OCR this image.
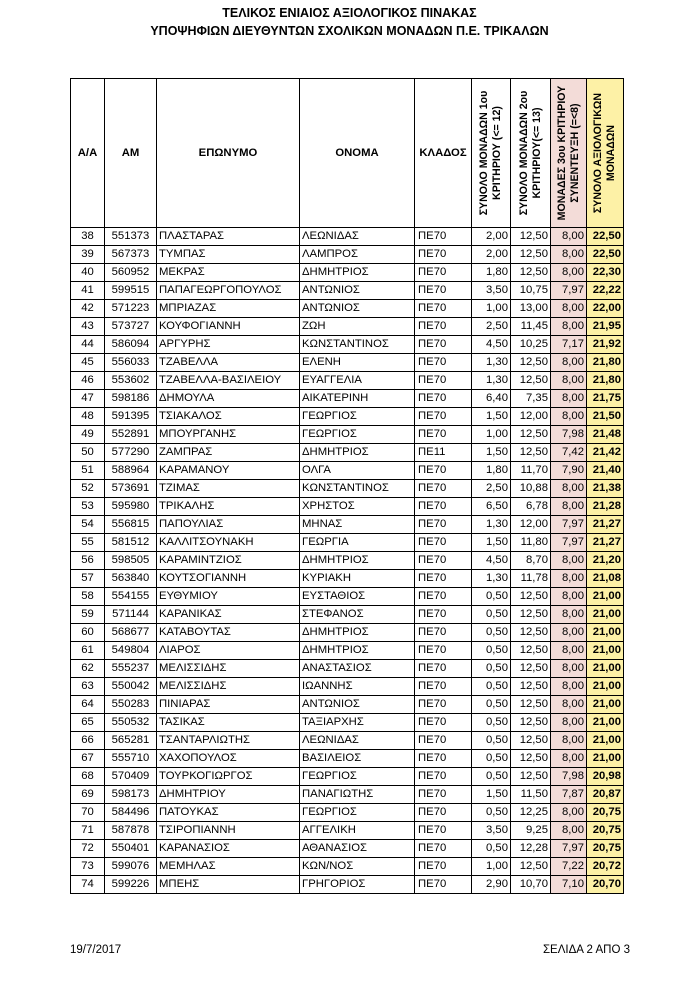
ΤΕΛΙΚΟΣ ΕΝΙΑΙΟΣ ΑΞΙΟΛΟΓΙΚΟΣ ΠΙΝΑΚΑΣ
ΥΠΟΨΗΦΙΩΝ ΔΙΕΥΘΥΝΤΩΝ ΣΧΟΛΙΚΩΝ ΜΟΝΑΔΩΝ Π.Ε. ΤΡΙΚΑΛΩΝ
Α/Α	ΑΜ	ΕΠΩΝΥΜΟ	ΟΝΟΜΑ	ΚΛΑΔΟΣ	ΣΥΝΟΛΟ ΜΟΝΑΔΩΝ 1ου ΚΡΙΤΗΡΙΟΥ (<= 12)	ΣΥΝΟΛΟ ΜΟΝΑΔΩΝ 2ου ΚΡΙΤΗΡΙΟΥ(<= 13)	ΜΟΝΑΔΕΣ 3ου ΚΡΙΤΗΡΙΟΥ ΣΥΝΕΝΤΕΥΞΗ (=<8)	ΣΥΝΟΛΟ ΑΞΙΟΛΟΓΙΚΩΝ ΜΟΝΑΔΩΝ

38	551373	ΠΛΑΣΤΑΡΑΣ	ΛΕΩΝΙΔΑΣ	ΠΕ70	2,00	12,50	8,00	22,50
39	567373	ΤΥΜΠΑΣ	ΛΑΜΠΡΟΣ	ΠΕ70	2,00	12,50	8,00	22,50
40	560952	ΜΕΚΡΑΣ	ΔΗΜΗΤΡΙΟΣ	ΠΕ70	1,80	12,50	8,00	22,30
41	599515	ΠΑΠΑΓΕΩΡΓΟΠΟΥΛΟΣ	ΑΝΤΩΝΙΟΣ	ΠΕ70	3,50	10,75	7,97	22,22
42	571223	ΜΠΡΙΑΖΑΣ	ΑΝΤΩΝΙΟΣ	ΠΕ70	1,00	13,00	8,00	22,00
43	573727	ΚΟΥΦΟΓΙΑΝΝΗ	ΖΩΗ	ΠΕ70	2,50	11,45	8,00	21,95
44	586094	ΑΡΓΥΡΗΣ	ΚΩΝΣΤΑΝΤΙΝΟΣ	ΠΕ70	4,50	10,25	7,17	21,92
45	556033	ΤΖΑΒΕΛΛΑ	ΕΛΕΝΗ	ΠΕ70	1,30	12,50	8,00	21,80
46	553602	ΤΖΑΒΕΛΛΑ-ΒΑΣΙΛΕΙΟΥ	ΕΥΑΓΓΕΛΙΑ	ΠΕ70	1,30	12,50	8,00	21,80
47	598186	ΔΗΜΟΥΛΑ	ΑΙΚΑΤΕΡΙΝΗ	ΠΕ70	6,40	7,35	8,00	21,75
48	591395	ΤΣΙΑΚΑΛΟΣ	ΓΕΩΡΓΙΟΣ	ΠΕ70	1,50	12,00	8,00	21,50
49	552891	ΜΠΟΥΡΓΑΝΗΣ	ΓΕΩΡΓΙΟΣ	ΠΕ70	1,00	12,50	7,98	21,48
50	577290	ΖΑΜΠΡΑΣ	ΔΗΜΗΤΡΙΟΣ	ΠΕ11	1,50	12,50	7,42	21,42
51	588964	ΚΑΡΑΜΑΝΟΥ	ΟΛΓΑ	ΠΕ70	1,80	11,70	7,90	21,40
52	573691	ΤΖΙΜΑΣ	ΚΩΝΣΤΑΝΤΙΝΟΣ	ΠΕ70	2,50	10,88	8,00	21,38
53	595980	ΤΡΙΚΑΛΗΣ	ΧΡΗΣΤΟΣ	ΠΕ70	6,50	6,78	8,00	21,28
54	556815	ΠΑΠΟΥΛΙΑΣ	ΜΗΝΑΣ	ΠΕ70	1,30	12,00	7,97	21,27
55	581512	ΚΑΛΛΙΤΣΟΥΝΑΚΗ	ΓΕΩΡΓΙΑ	ΠΕ70	1,50	11,80	7,97	21,27
56	598505	ΚΑΡΑΜΙΝΤΖΙΟΣ	ΔΗΜΗΤΡΙΟΣ	ΠΕ70	4,50	8,70	8,00	21,20
57	563840	ΚΟΥΤΣΟΓΙΑΝΝΗ	ΚΥΡΙΑΚΗ	ΠΕ70	1,30	11,78	8,00	21,08
58	554155	ΕΥΘΥΜΙΟΥ	ΕΥΣΤΑΘΙΟΣ	ΠΕ70	0,50	12,50	8,00	21,00
59	571144	ΚΑΡΑΝΙΚΑΣ	ΣΤΕΦΑΝΟΣ	ΠΕ70	0,50	12,50	8,00	21,00
60	568677	ΚΑΤΑΒΟΥΤΑΣ	ΔΗΜΗΤΡΙΟΣ	ΠΕ70	0,50	12,50	8,00	21,00
61	549804	ΛΙΑΡΟΣ	ΔΗΜΗΤΡΙΟΣ	ΠΕ70	0,50	12,50	8,00	21,00
62	555237	ΜΕΛΙΣΣΙΔΗΣ	ΑΝΑΣΤΑΣΙΟΣ	ΠΕ70	0,50	12,50	8,00	21,00
63	550042	ΜΕΛΙΣΣΙΔΗΣ	ΙΩΑΝΝΗΣ	ΠΕ70	0,50	12,50	8,00	21,00
64	550283	ΠΙΝΙΑΡΑΣ	ΑΝΤΩΝΙΟΣ	ΠΕ70	0,50	12,50	8,00	21,00
65	550532	ΤΑΣΙΚΑΣ	ΤΑΞΙΑΡΧΗΣ	ΠΕ70	0,50	12,50	8,00	21,00
66	565281	ΤΣΑΝΤΑΡΛΙΩΤΗΣ	ΛΕΩΝΙΔΑΣ	ΠΕ70	0,50	12,50	8,00	21,00
67	555710	ΧΑΧΟΠΟΥΛΟΣ	ΒΑΣΙΛΕΙΟΣ	ΠΕ70	0,50	12,50	8,00	21,00
68	570409	ΤΟΥΡΚΟΓΙΩΡΓΟΣ	ΓΕΩΡΓΙΟΣ	ΠΕ70	0,50	12,50	7,98	20,98
69	598173	ΔΗΜΗΤΡΙΟΥ	ΠΑΝΑΓΙΩΤΗΣ	ΠΕ70	1,50	11,50	7,87	20,87
70	584496	ΠΑΤΟΥΚΑΣ	ΓΕΩΡΓΙΟΣ	ΠΕ70	0,50	12,25	8,00	20,75
71	587878	ΤΣΙΡΟΠΙΑΝΝΗ	ΑΓΓΕΛΙΚΗ	ΠΕ70	3,50	9,25	8,00	20,75
72	550401	ΚΑΡΑΝΑΣΙΟΣ	ΑΘΑΝΑΣΙΟΣ	ΠΕ70	0,50	12,28	7,97	20,75
73	599076	ΜΕΜΗΛΑΣ	ΚΩΝ/ΝΟΣ	ΠΕ70	1,00	12,50	7,22	20,72
74	599226	ΜΠΕΗΣ	ΓΡΗΓΟΡΙΟΣ	ΠΕ70	2,90	10,70	7,10	20,70
19/7/2017	ΣΕΛΙΔΑ 2 ΑΠΟ 3
